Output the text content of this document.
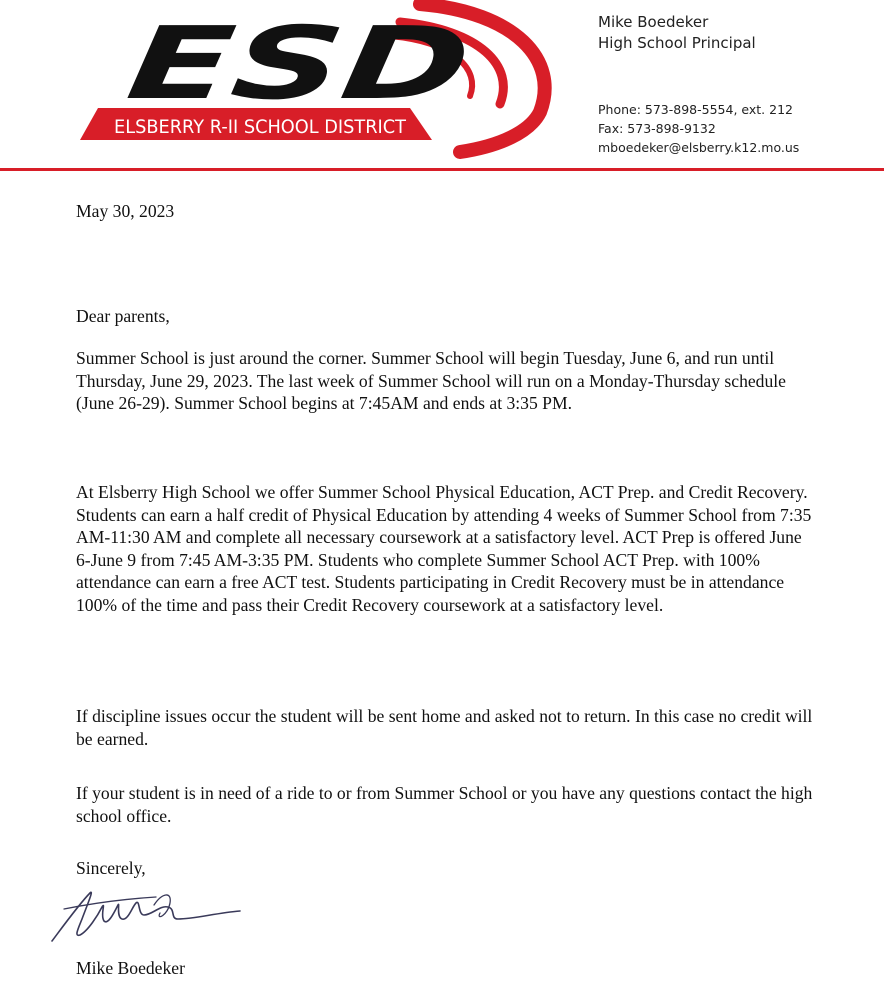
ESD
ELSBERRY R-II SCHOOL DISTRICT
Mike Boedeker
High School Principal
Phone: 573-898-5554, ext. 212
Fax: 573-898-9132
mboedeker@elsberry.k12.mo.us

May 30, 2023

Dear parents,

Summer School is just around the corner. Summer School will begin Tuesday, June 6, and run until Thursday, June 29, 2023. The last week of Summer School will run on a Monday-Thursday schedule (June 26-29). Summer School begins at 7:45AM and ends at 3:35 PM.

At Elsberry High School we offer Summer School Physical Education, ACT Prep. and Credit Recovery. Students can earn a half credit of Physical Education by attending 4 weeks of Summer School from 7:35 AM-11:30 AM and complete all necessary coursework at a satisfactory level. ACT Prep is offered June 6-June 9 from 7:45 AM-3:35 PM. Students who complete Summer School ACT Prep. with 100% attendance can earn a free ACT test. Students participating in Credit Recovery must be in attendance 100% of the time and pass their Credit Recovery coursework at a satisfactory level.

If discipline issues occur the student will be sent home and asked not to return. In this case no credit will be earned.

If your student is in need of a ride to or from Summer School or you have any questions contact the high school office.

Sincerely,

Mike Boedeker
